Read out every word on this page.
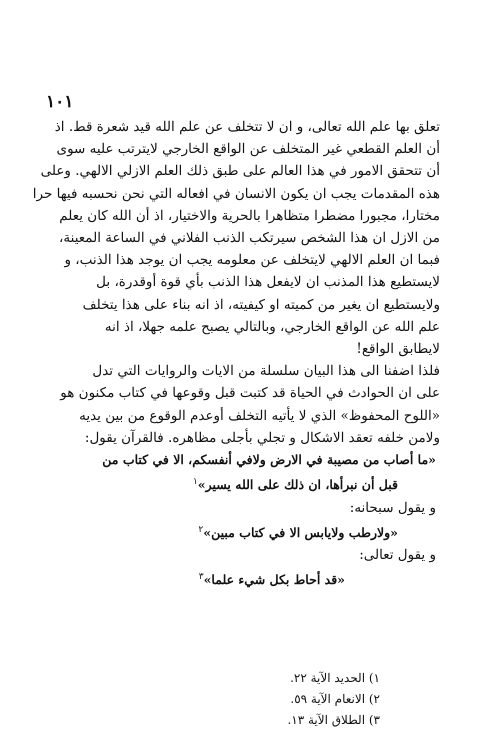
١٠١
تعلق بها علم الله تعالى، و ان لا تتخلف عن علم الله قيد شعرة قط. اذ
أن العلم القطعي غير المتخلف عن الواقع الخارجي لايترتب عليه سوى
أن تتحقق الامور في هذا العالم على طبق ذلك العلم الازلي الالهي. وعلى
هذه المقدمات يجب ان يكون الانسان في افعاله التي نحن نحسبه فيها حرا
مختارا، مجبورا مضطرا متظاهرا بالحرية والاختيار، اذ أن الله كان يعلم
من الازل ان هذا الشخص سيرتكب الذنب الفلاني في الساعة المعينة،
فبما ان العلم الالهي لايتخلف عن معلومه يجب ان يوجد هذا الذنب، و
لايستطيع هذا المذنب ان لايفعل هذا الذنب بأي قوة أوقدرة، بل
ولايستطيع ان يغير من كميته او كيفيته، اذ انه بناء على هذا يتخلف
علم الله عن الواقع الخارجي، وبالتالي يصبح علمه جهلا، اذ انه
لايطابق الواقع!
فلذا اضفنا الى هذا البيان سلسلة من الايات والروايات التي تدل
على ان الحوادث في الحياة قد كتبت قبل وقوعها في كتاب مكنون هو
«اللوح المحفوظ» الذي لا يأتيه التخلف أوعدم الوقوع من بين يديه
ولامن خلفه تعقد الاشكال و تجلي بأجلى مظاهره. فالقرآن يقول:
«ما أصاب من مصيبة في الارض ولافي أنفسكم، الا في كتاب من
قبل أن نبرأها، ان ذلك على الله يسير»$^١$
و يقول سبحانه:
«ولارطب ولايابس الا في كتاب مبين»$^٢$
و يقول تعالى:
«قد أحاط بكل شيء علما»$^٣$
١) الحديد الآية ٢٢.
٢) الانعام الآية ٥٩.
٣) الطلاق الآية ١٣.
